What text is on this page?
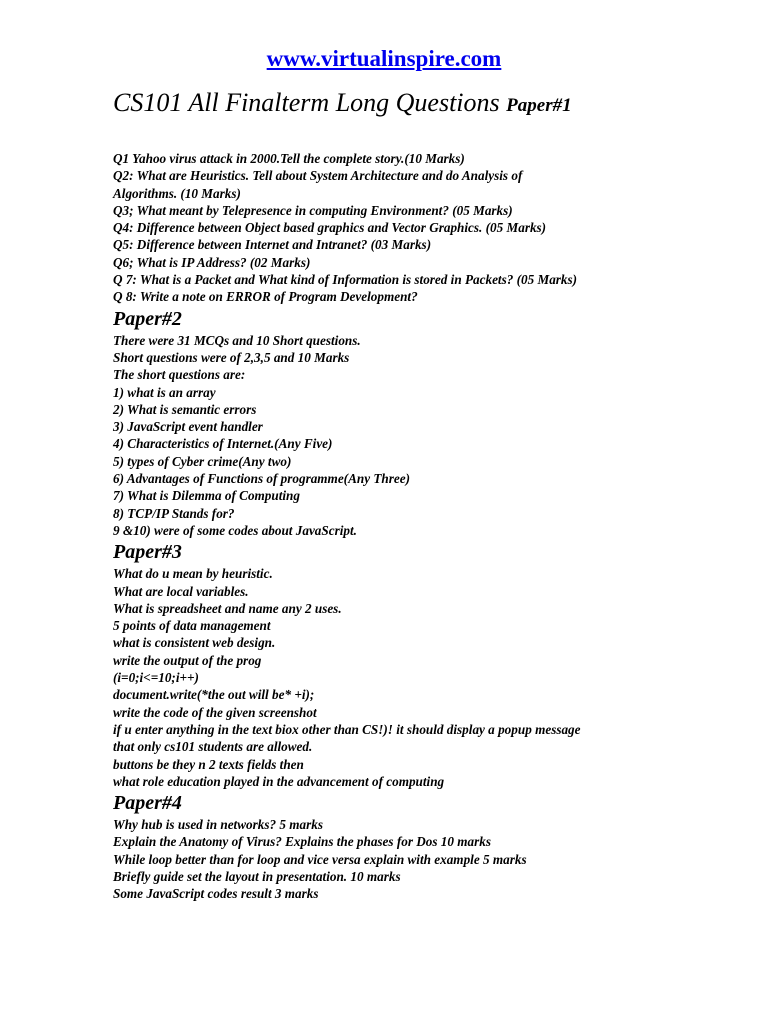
www.virtualinspire.com
CS101 All Finalterm Long Questions Paper#1
Q1 Yahoo virus attack in 2000.Tell the complete story.(10 Marks)
Q2: What are Heuristics. Tell about System Architecture and do Analysis of
Algorithms. (10 Marks)
Q3; What meant by Telepresence in computing Environment? (05 Marks)
Q4: Difference between Object based graphics and Vector Graphics. (05 Marks)
Q5: Difference between Internet and Intranet? (03 Marks)
Q6; What is IP Address? (02 Marks)
Q 7: What is a Packet and What kind of Information is stored in Packets? (05 Marks)
Q 8: Write a note on ERROR of Program Development?
Paper#2
There were 31 MCQs and 10 Short questions.
Short questions were of 2,3,5 and 10 Marks
The short questions are:
1) what is an array
2) What is semantic errors
3) JavaScript event handler
4) Characteristics of Internet.(Any Five)
5) types of Cyber crime(Any two)
6) Advantages of Functions of programme(Any Three)
7) What is Dilemma of Computing
8) TCP/IP Stands for?
9 &10) were of some codes about JavaScript.
Paper#3
What do u mean by heuristic.
What are local variables.
What is spreadsheet and name any 2 uses.
5 points of data management
what is consistent web design.
write the output of the prog
(i=0;i<=10;i++)
document.write(*the out will be* +i);
write the code of the given screenshot
if u enter anything in the text biox other than CS!)! it should display a popup message
that only cs101 students are allowed.
buttons be they n 2 texts fields then
what role education played in the advancement of computing
Paper#4
Why hub is used in networks? 5 marks
Explain the Anatomy of Virus? Explains the phases for Dos 10 marks
While loop better than for loop and vice versa explain with example 5 marks
Briefly guide set the layout in presentation. 10 marks
Some JavaScript codes result 3 marks
